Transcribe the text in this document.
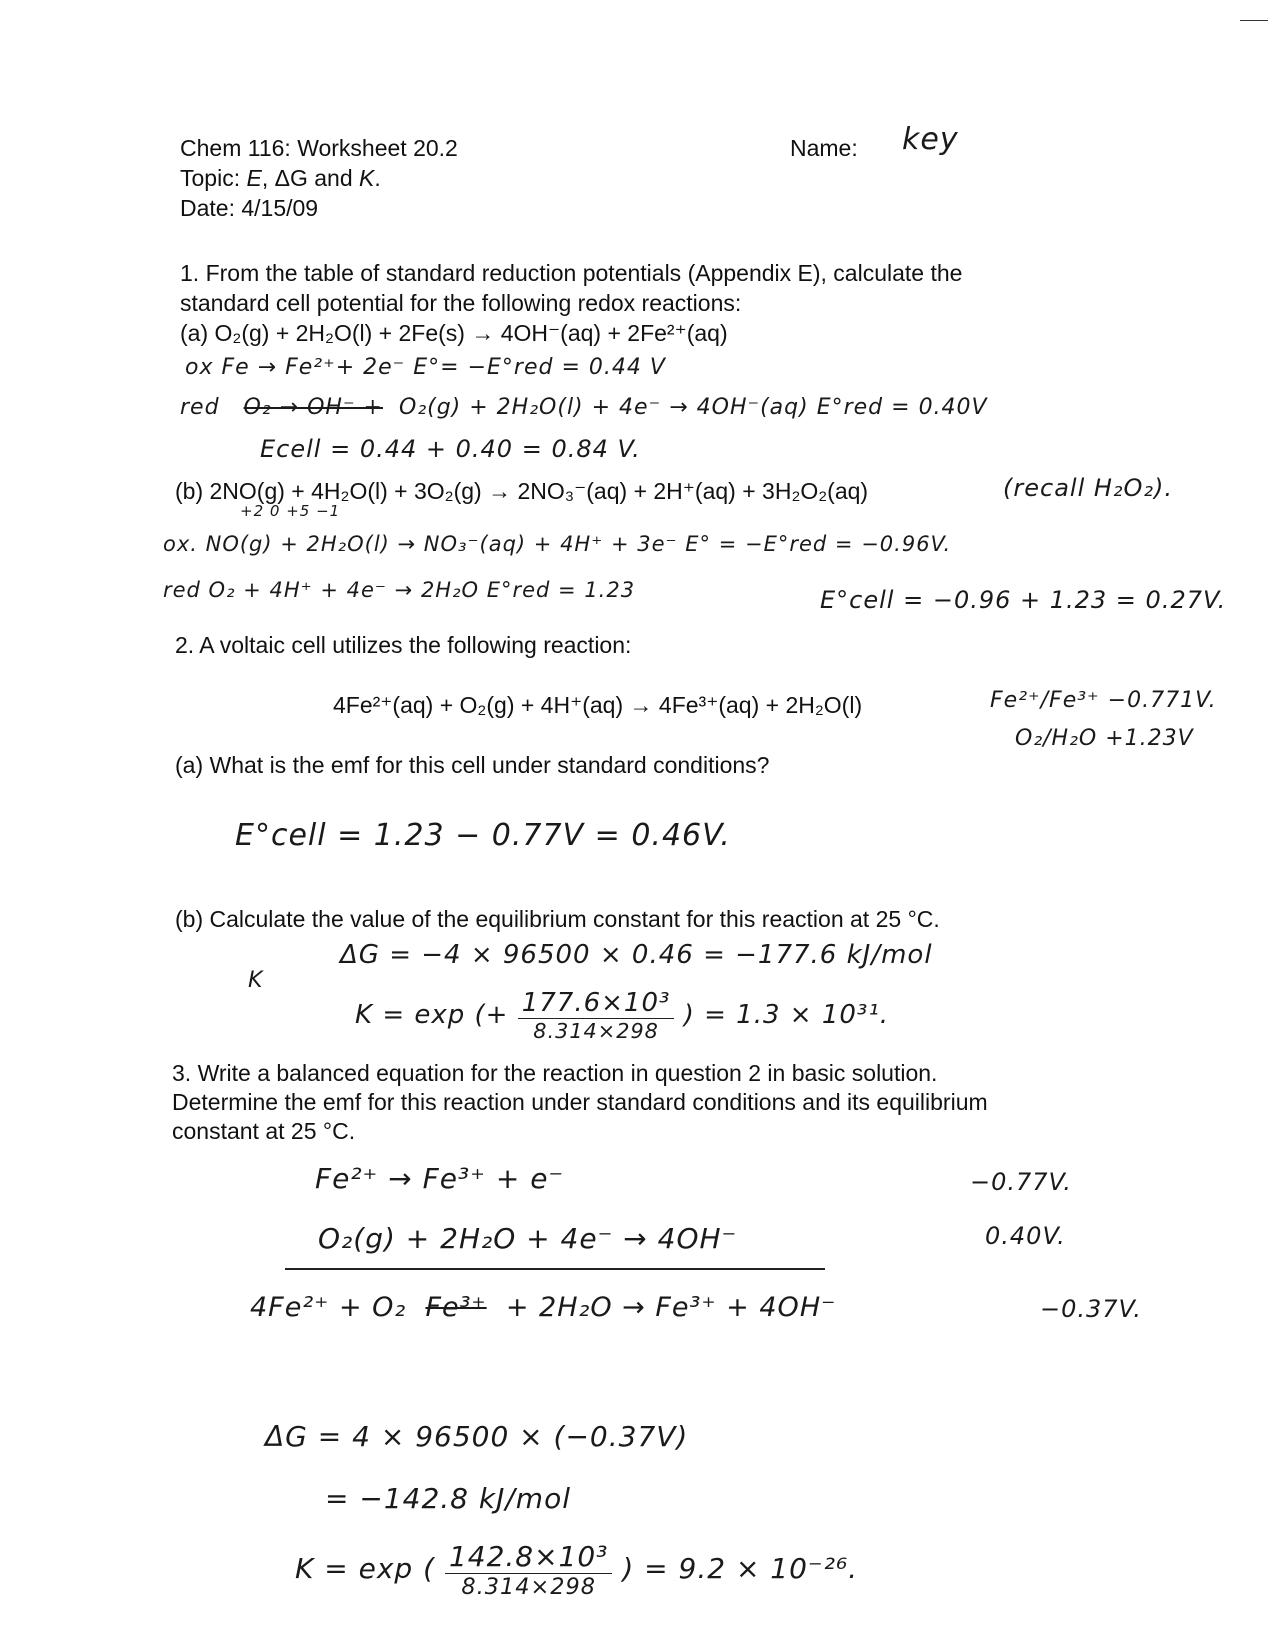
Chem 116: Worksheet 20.2
Topic: E, ΔG and K.
Date: 4/15/09
Name: key
1. From the table of standard reduction potentials (Appendix E), calculate the
standard cell potential for the following redox reactions:
(a) O₂(g) + 2H₂O(l) + 2Fe(s) → 4OH⁻(aq) + 2Fe²⁺(aq)
ox Fe → Fe²⁺+ 2e⁻ E°= −E°red = 0.44 V
red O₂ → OH⁻ + O₂(g) + 2H₂O(l) + 4e⁻ → 4OH⁻(aq) E°red = 0.40V
Ecell = 0.44 + 0.40 = 0.84 V.
(b) 2NO(g) + 4H₂O(l) + 3O₂(g) → 2NO₃⁻(aq) + 2H⁺(aq) + 3H₂O₂(aq)	(recall H₂O₂).
+2 0 +5 −1
ox. NO(g) + 2H₂O(l) → NO₃⁻(aq) + 4H⁺ + 3e⁻ E° = −E°red = −0.96V.
red O₂ + 4H⁺ + 4e⁻ → 2H₂O E°red = 1.23	E°cell = −0.96 + 1.23 = 0.27V.
2. A voltaic cell utilizes the following reaction:
4Fe²⁺(aq) + O₂(g) + 4H⁺(aq) → 4Fe³⁺(aq) + 2H₂O(l)	Fe²⁺/Fe³⁺ −0.771V.
O₂/H₂O +1.23V
(a) What is the emf for this cell under standard conditions?
E°cell = 1.23 − 0.77V = 0.46V.
(b) Calculate the value of the equilibrium constant for this reaction at 25 °C.
K
ΔG = −4 × 96500 × 0.46 = −177.6 kJ/mol
K = exp (+ $\frac{\text{177.6×10³}}{8.314\times 298}$ ) = 1.3 × 10³¹.
3. Write a balanced equation for the reaction in question 2 in basic solution.
Determine the emf for this reaction under standard conditions and its equilibrium
constant at 25 °C.
Fe²⁺ → Fe³⁺ + e⁻	−0.77V.
O₂(g) + 2H₂O + 4e⁻ → 4OH⁻	0.40V.
4Fe²⁺ + O₂ Fe³⁺ + 2H₂O → Fe³⁺ + 4OH⁻	−0.37V.
ΔG = 4 × 96500 × (−0.37V)
= −142.8 kJ/mol
K = exp ( $\frac{\text{142.8×10³}}{8.314\times 298}$ ) = 9.2 × 10⁻²⁶.
